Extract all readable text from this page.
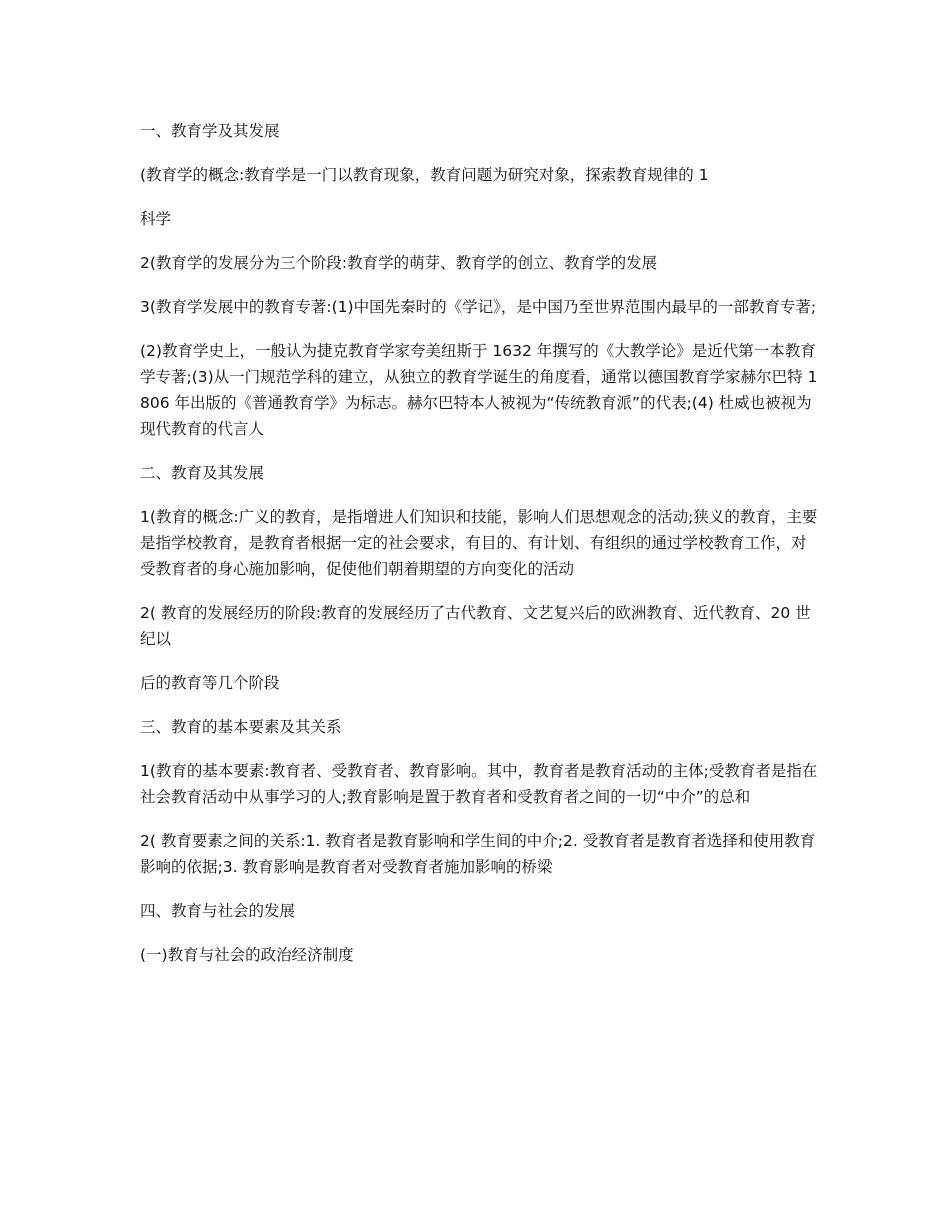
一、教育学及其发展

(教育学的概念:教育学是一门以教育现象，教育问题为研究对象，探索教育规律的 1

科学

2(教育学的发展分为三个阶段:教育学的萌芽、教育学的创立、教育学的发展

3(教育学发展中的教育专著:(1)中国先秦时的《学记》，是中国乃至世界范围内最早的一部教育专著;

(2)教育学史上，一般认为捷克教育学家夸美纽斯于 1632 年撰写的《大教学论》是近代第一本教育学专著;(3)从一门规范学科的建立，从独立的教育学诞生的角度看，通常以德国教育学家赫尔巴特 1806 年出版的《普通教育学》为标志。赫尔巴特本人被视为“传统教育派”的代表;(4) 杜威也被视为现代教育的代言人

二、教育及其发展

1(教育的概念:广义的教育，是指增进人们知识和技能，影响人们思想观念的活动;狭义的教育，主要是指学校教育，是教育者根据一定的社会要求，有目的、有计划、有组织的通过学校教育工作，对受教育者的身心施加影响，促使他们朝着期望的方向变化的活动

2( 教育的发展经历的阶段:教育的发展经历了古代教育、文艺复兴后的欧洲教育、近代教育、20 世纪以

后的教育等几个阶段

三、教育的基本要素及其关系

1(教育的基本要素:教育者、受教育者、教育影响。其中，教育者是教育活动的主体;受教育者是指在社会教育活动中从事学习的人;教育影响是置于教育者和受教育者之间的一切“中介”的总和

2( 教育要素之间的关系:1. 教育者是教育影响和学生间的中介;2. 受教育者是教育者选择和使用教育影响的依据;3. 教育影响是教育者对受教育者施加影响的桥梁

四、教育与社会的发展

(一)教育与社会的政治经济制度
